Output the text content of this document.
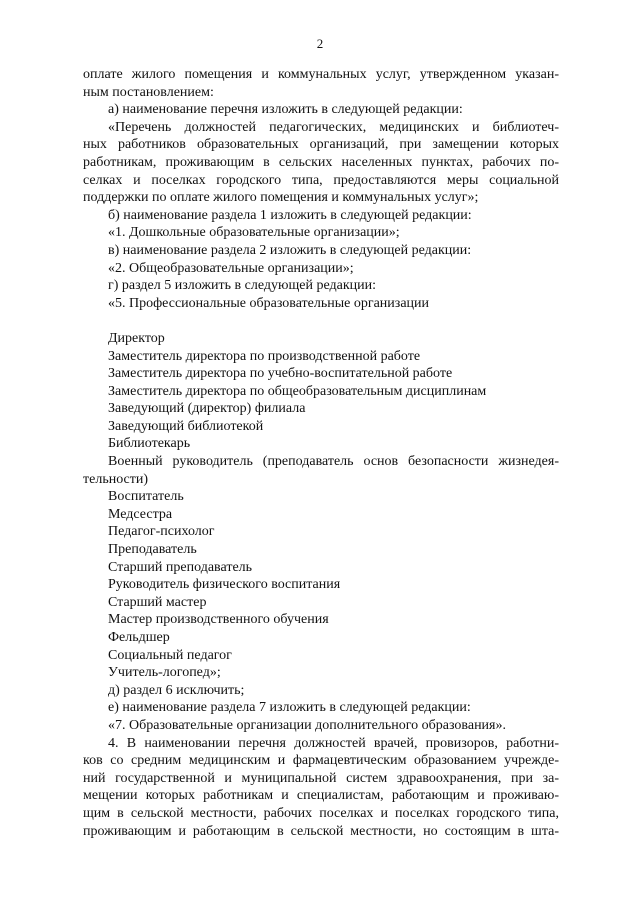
2

оплате жилого помещения и коммунальных услуг, утвержденном указан-

ным постановлением:

а) наименование перечня изложить в следующей редакции:

«Перечень должностей педагогических, медицинских и библиотеч-

ных работников образовательных организаций, при замещении которых

работникам, проживающим в сельских населенных пунктах, рабочих по-

селках и поселках городского типа, предоставляются меры социальной

поддержки по оплате жилого помещения и коммунальных услуг»;

б) наименование раздела 1 изложить в следующей редакции:

«1. Дошкольные образовательные организации»;

в) наименование раздела 2 изложить в следующей редакции:

«2. Общеобразовательные организации»;

г) раздел 5 изложить в следующей редакции:

«5. Профессиональные образовательные организации

Директор

Заместитель директора по производственной работе

Заместитель директора по учебно-воспитательной работе

Заместитель директора по общеобразовательным дисциплинам

Заведующий (директор) филиала

Заведующий библиотекой

Библиотекарь

Военный руководитель (преподаватель основ безопасности жизнедея-

тельности)

Воспитатель

Медсестра

Педагог-психолог

Преподаватель

Старший преподаватель

Руководитель физического воспитания

Старший мастер

Мастер производственного обучения

Фельдшер

Социальный педагог

Учитель-логопед»;

д) раздел 6 исключить;

е) наименование раздела 7 изложить в следующей редакции:

«7. Образовательные организации дополнительного образования».

4. В наименовании перечня должностей врачей, провизоров, работни-

ков со средним медицинским и фармацевтическим образованием учрежде-

ний государственной и муниципальной систем здравоохранения, при за-

мещении которых работникам и специалистам, работающим и проживаю-

щим в сельской местности, рабочих поселках и поселках городского типа,

проживающим и работающим в сельской местности, но состоящим в шта-
